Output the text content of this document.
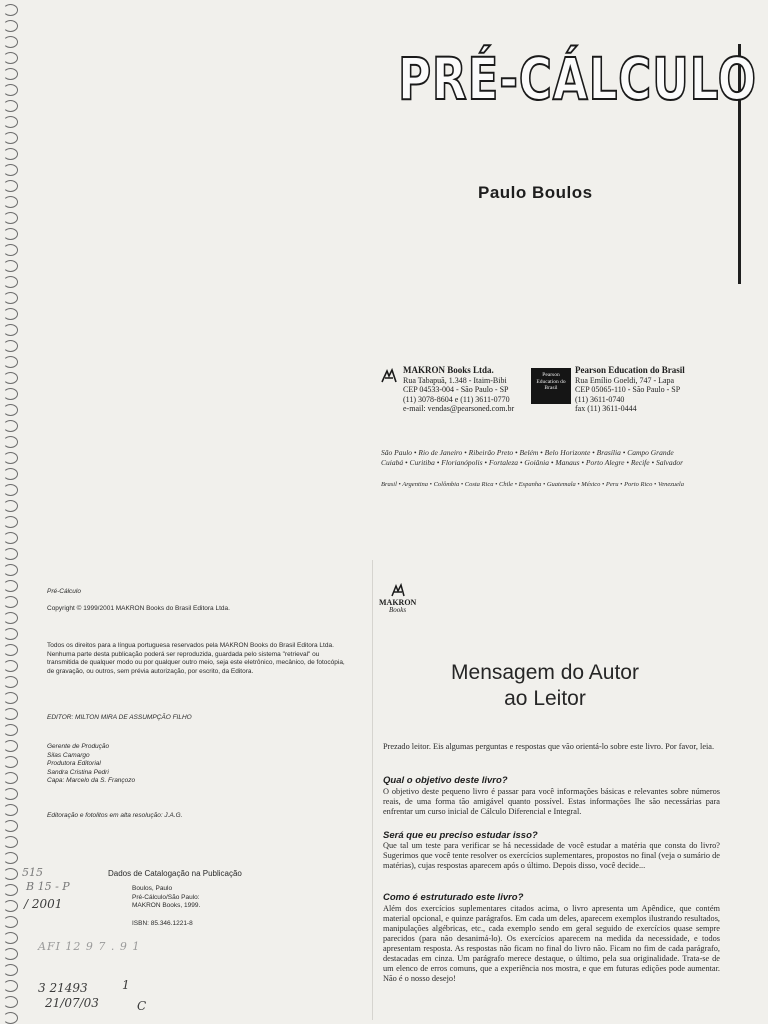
PRÉ-CÁLCULO
Paulo Boulos
MAKRON Books Ltda.
Rua Tabapuã, 1.348 - Itaim-Bibi
CEP 04533-004 - São Paulo - SP
(11) 3078-8604 e (11) 3611-0770
e-mail: vendas@pearsoned.com.br
Pearson Education do Brasil
Pearson Education do Brasil
Rua Emílio Goeldi, 747 - Lapa
CEP 05065-110 - São Paulo - SP
(11) 3611-0740
fax (11) 3611-0444
São Paulo • Rio de Janeiro • Ribeirão Preto • Belém • Belo Horizonte • Brasília • Campo Grande
Cuiabá • Curitiba • Florianópolis • Fortaleza • Goiânia • Manaus • Porto Alegre • Recife • Salvador
Brasil • Argentina • Colômbia • Costa Rica • Chile • Espanha • Guatemala • México • Peru • Porto Rico • Venezuela
Pré-Cálculo
Copyright © 1999/2001 MAKRON Books do Brasil Editora Ltda.
Todos os direitos para a língua portuguesa reservados pela MAKRON Books do Brasil Editora Ltda. Nenhuma parte desta publicação poderá ser reproduzida, guardada pelo sistema "retrieval" ou transmitida de qualquer modo ou por qualquer outro meio, seja este eletrônico, mecânico, de fotocópia, de gravação, ou outros, sem prévia autorização, por escrito, da Editora.
EDITOR: MILTON MIRA DE ASSUMPÇÃO FILHO
Gerente de Produção
Silas Camargo
Produtora Editorial
Sandra Cristina Pedri
Capa: Marcelo da S. Françozo
Editoração e fotolitos em alta resolução: J.A.G.
Dados de Catalogação na Publicação
Boulos, Paulo
Pré-Cálculo/São Paulo:
MAKRON Books, 1999.
ISBN: 85.346.1221-8
515
B 15 - P
/ 2001
AFI 12 9 7 . 9 1
3 21493
21/07/03
1
C
MAKRON
Books
Mensagem do Autor
ao Leitor
Prezado leitor. Eis algumas perguntas e respostas que vão orientá-lo sobre este livro. Por favor, leia.
Qual o objetivo deste livro?
O objetivo deste pequeno livro é passar para você informações básicas e relevantes sobre números reais, de uma forma tão amigável quanto possível. Estas informações lhe são necessárias para enfrentar um curso inicial de Cálculo Diferencial e Integral.
Será que eu preciso estudar isso?
Que tal um teste para verificar se há necessidade de você estudar a matéria que consta do livro? Sugerimos que você tente resolver os exercícios suplementares, propostos no final (veja o sumário de matérias), cujas respostas aparecem após o último. Depois disso, você decide...
Como é estruturado este livro?
Além dos exercícios suplementares citados acima, o livro apresenta um Apêndice, que contém material opcional, e quinze parágrafos. Em cada um deles, aparecem exemplos ilustrando resultados, manipulações algébricas, etc., cada exemplo sendo em geral seguido de exercícios quase sempre parecidos (para não desanimá-lo). Os exercícios aparecem na medida da necessidade, e todos apresentam resposta. As respostas não ficam no final do livro não. Ficam no fim de cada parágrafo, destacadas em cinza. Um parágrafo merece destaque, o último, pela sua originalidade. Trata-se de um elenco de erros comuns, que a experiência nos mostra, e que em futuras edições pode aumentar. Não é o nosso desejo!
